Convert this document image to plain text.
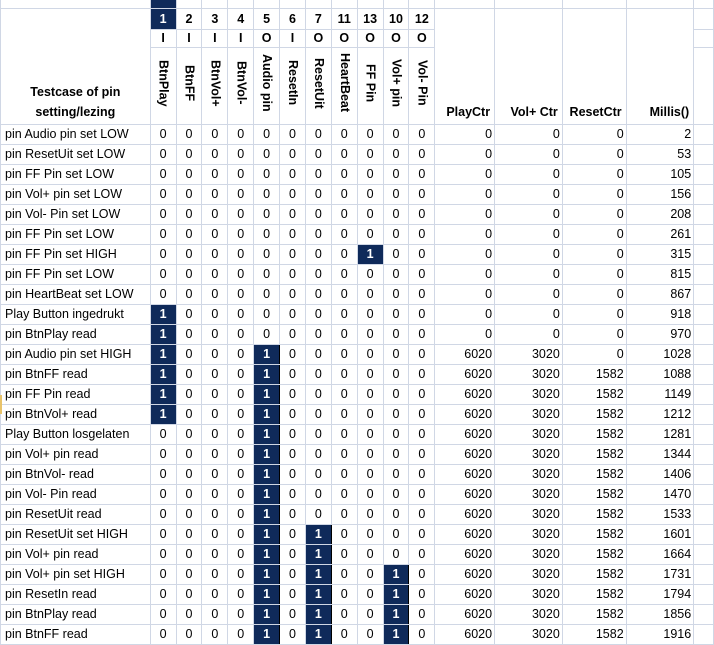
Testcase of pin setting/lezing	1	2	3	4	5	6	7	11	13	10	12	PlayCtr	Vol+ Ctr	ResetCtr	Millis()	
	I	I	I	I	O	I	O	O	O	O	O					
	BtnPlay	BtnFF	BtnVol+	BtnVol-	Audio pin	ResetIn	ResetUit	HeartBeat	FF Pin	Vol+ pin	Vol- Pin					
pin Audio pin set LOW	0	0	0	0	0	0	0	0	0	0	0	0	0	0	2	
pin ResetUit set LOW	0	0	0	0	0	0	0	0	0	0	0	0	0	0	53	
pin FF Pin set LOW	0	0	0	0	0	0	0	0	0	0	0	0	0	0	105	
pin Vol+ pin set LOW	0	0	0	0	0	0	0	0	0	0	0	0	0	0	156	
pin Vol- Pin set LOW	0	0	0	0	0	0	0	0	0	0	0	0	0	0	208	
pin FF Pin set LOW	0	0	0	0	0	0	0	0	0	0	0	0	0	0	261	
pin FF Pin set HIGH	0	0	0	0	0	0	0	0	1	0	0	0	0	0	315	
pin FF Pin set LOW	0	0	0	0	0	0	0	0	0	0	0	0	0	0	815	
pin HeartBeat set LOW	0	0	0	0	0	0	0	0	0	0	0	0	0	0	867	
Play Button ingedrukt	1	0	0	0	0	0	0	0	0	0	0	0	0	0	918	
pin BtnPlay read	1	0	0	0	0	0	0	0	0	0	0	0	0	0	970	
pin Audio pin set HIGH	1	0	0	0	1	0	0	0	0	0	0	6020	3020	0	1028	
pin BtnFF read	1	0	0	0	1	0	0	0	0	0	0	6020	3020	1582	1088	
pin FF Pin read	1	0	0	0	1	0	0	0	0	0	0	6020	3020	1582	1149	
pin BtnVol+ read	1	0	0	0	1	0	0	0	0	0	0	6020	3020	1582	1212	
Play Button losgelaten	0	0	0	0	1	0	0	0	0	0	0	6020	3020	1582	1281	
pin Vol+ pin read	0	0	0	0	1	0	0	0	0	0	0	6020	3020	1582	1344	
pin BtnVol- read	0	0	0	0	1	0	0	0	0	0	0	6020	3020	1582	1406	
pin Vol- Pin read	0	0	0	0	1	0	0	0	0	0	0	6020	3020	1582	1470	
pin ResetUit read	0	0	0	0	1	0	0	0	0	0	0	6020	3020	1582	1533	
pin ResetUit set HIGH	0	0	0	0	1	0	1	0	0	0	0	6020	3020	1582	1601	
pin Vol+ pin read	0	0	0	0	1	0	1	0	0	0	0	6020	3020	1582	1664	
pin Vol+ pin set HIGH	0	0	0	0	1	0	1	0	0	1	0	6020	3020	1582	1731	
pin ResetIn read	0	0	0	0	1	0	1	0	0	1	0	6020	3020	1582	1794	
pin BtnPlay read	0	0	0	0	1	0	1	0	0	1	0	6020	3020	1582	1856	
pin BtnFF read	0	0	0	0	1	0	1	0	0	1	0	6020	3020	1582	1916	
